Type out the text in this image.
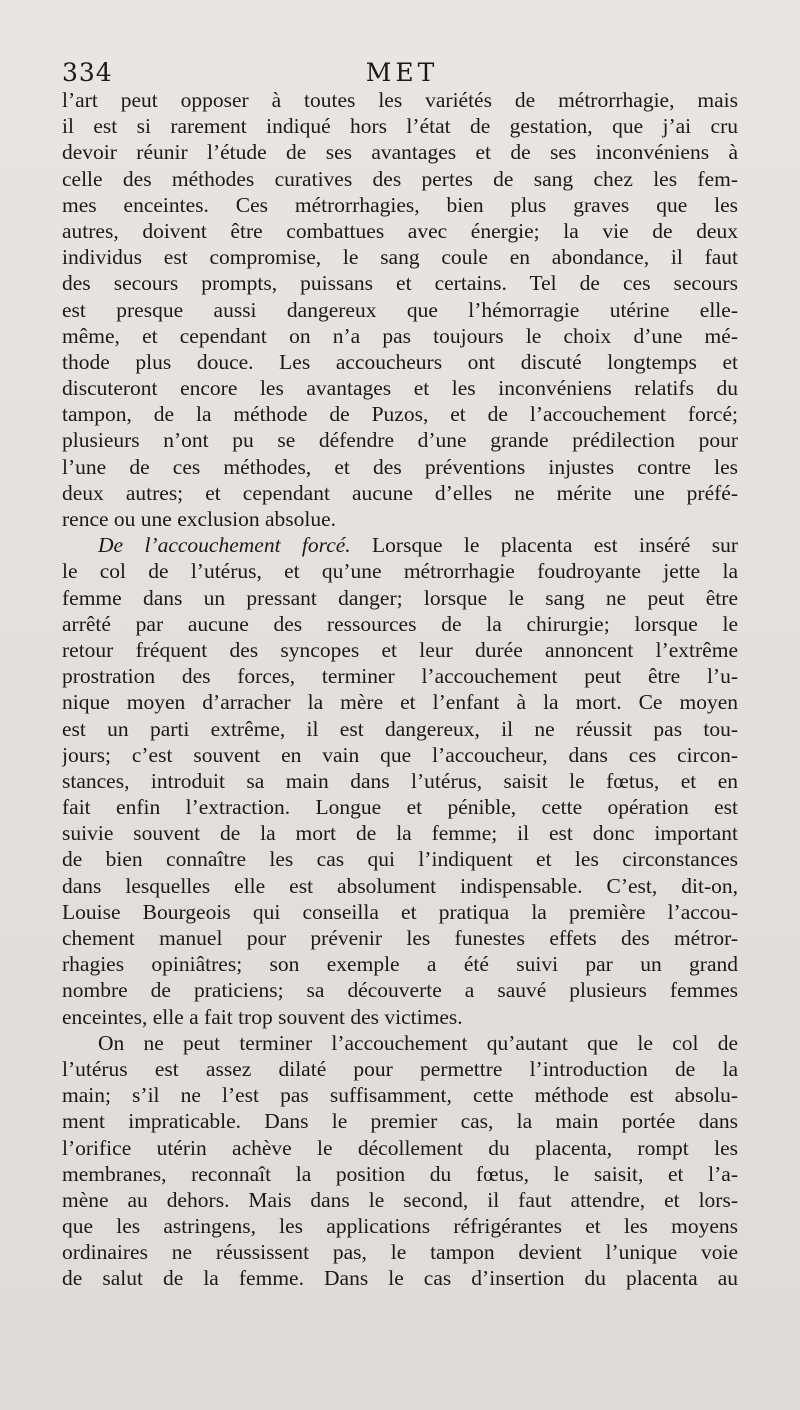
334	MET
l’art peut opposer à toutes les variétés de métrorrhagie, mais
il est si rarement indiqué hors l’état de gestation, que j’ai cru
devoir réunir l’étude de ses avantages et de ses inconvéniens à
celle des méthodes curatives des pertes de sang chez les fem-
mes enceintes. Ces métrorrhagies, bien plus graves que les
autres, doivent être combattues avec énergie; la vie de deux
individus est compromise, le sang coule en abondance, il faut
des secours prompts, puissans et certains. Tel de ces secours
est presque aussi dangereux que l’hémorragie utérine elle-
même, et cependant on n’a pas toujours le choix d’une mé-
thode plus douce. Les accoucheurs ont discuté longtemps et
discuteront encore les avantages et les inconvéniens relatifs du
tampon, de la méthode de Puzos, et de l’accouchement forcé;
plusieurs n’ont pu se défendre d’une grande prédilection pour
l’une de ces méthodes, et des préventions injustes contre les
deux autres; et cependant aucune d’elles ne mérite une préfé-
rence ou une exclusion absolue.
De l’accouchement forcé. Lorsque le placenta est inséré sur
le col de l’utérus, et qu’une métrorrhagie foudroyante jette la
femme dans un pressant danger; lorsque le sang ne peut être
arrêté par aucune des ressources de la chirurgie; lorsque le
retour fréquent des syncopes et leur durée annoncent l’extrême
prostration des forces, terminer l’accouchement peut être l’u-
nique moyen d’arracher la mère et l’enfant à la mort. Ce moyen
est un parti extrême, il est dangereux, il ne réussit pas tou-
jours; c’est souvent en vain que l’accoucheur, dans ces circon-
stances, introduit sa main dans l’utérus, saisit le fœtus, et en
fait enfin l’extraction. Longue et pénible, cette opération est
suivie souvent de la mort de la femme; il est donc important
de bien connaître les cas qui l’indiquent et les circonstances
dans lesquelles elle est absolument indispensable. C’est, dit-on,
Louise Bourgeois qui conseilla et pratiqua la première l’accou-
chement manuel pour prévenir les funestes effets des métror-
rhagies opiniâtres; son exemple a été suivi par un grand
nombre de praticiens; sa découverte a sauvé plusieurs femmes
enceintes, elle a fait trop souvent des victimes.
On ne peut terminer l’accouchement qu’autant que le col de
l’utérus est assez dilaté pour permettre l’introduction de la
main; s’il ne l’est pas suffisamment, cette méthode est absolu-
ment impraticable. Dans le premier cas, la main portée dans
l’orifice utérin achève le décollement du placenta, rompt les
membranes, reconnaît la position du fœtus, le saisit, et l’a-
mène au dehors. Mais dans le second, il faut attendre, et lors-
que les astringens, les applications réfrigérantes et les moyens
ordinaires ne réussissent pas, le tampon devient l’unique voie
de salut de la femme. Dans le cas d’insertion du placenta au
